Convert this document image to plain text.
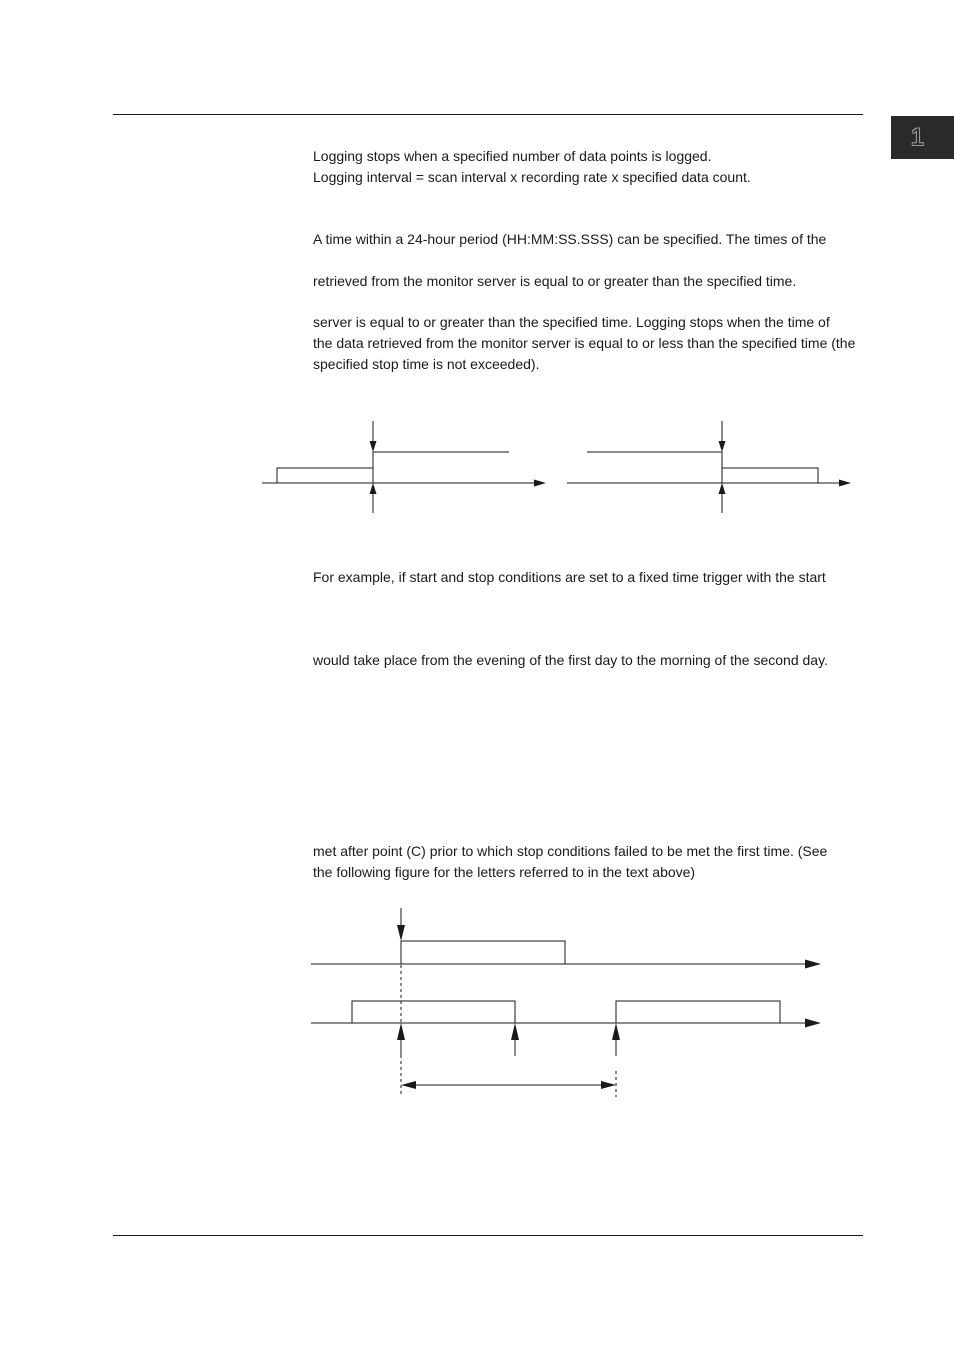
1
Logging stops when a specified number of data points is logged.
Logging interval = scan interval x recording rate x specified data count.
A time within a 24-hour period (HH:MM:SS.SSS) can be specified. The times of the
retrieved from the monitor server is equal to or greater than the specified time.
server is equal to or greater than the specified time. Logging stops when the time of
the data retrieved from the monitor server is equal to or less than the specified time (the
specified stop time is not exceeded).
For example, if start and stop conditions are set to a fixed time trigger with the start
would take place from the evening of the first day to the morning of the second day.
met after point (C) prior to which stop conditions failed to be met the first time. (See
the following figure for the letters referred to in the text above)
